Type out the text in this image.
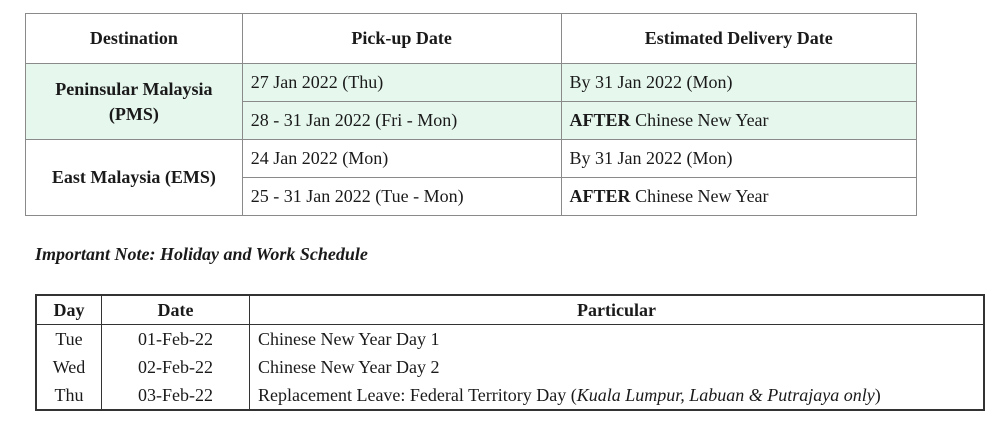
Destination	Pick-up Date	Estimated Delivery Date
Peninsular Malaysia
(PMS)	27 Jan 2022 (Thu)	By 31 Jan 2022 (Mon)
	28 - 31 Jan 2022 (Fri - Mon)	AFTER Chinese New Year
East Malaysia (EMS)	24 Jan 2022 (Mon)	By 31 Jan 2022 (Mon)
	25 - 31 Jan 2022 (Tue - Mon)	AFTER Chinese New Year
Important Note: Holiday and Work Schedule
Day	Date	Particular
Tue	01-Feb-22	Chinese New Year Day 1
Wed	02-Feb-22	Chinese New Year Day 2
Thu	03-Feb-22	Replacement Leave: Federal Territory Day (Kuala Lumpur, Labuan & Putrajaya only)
